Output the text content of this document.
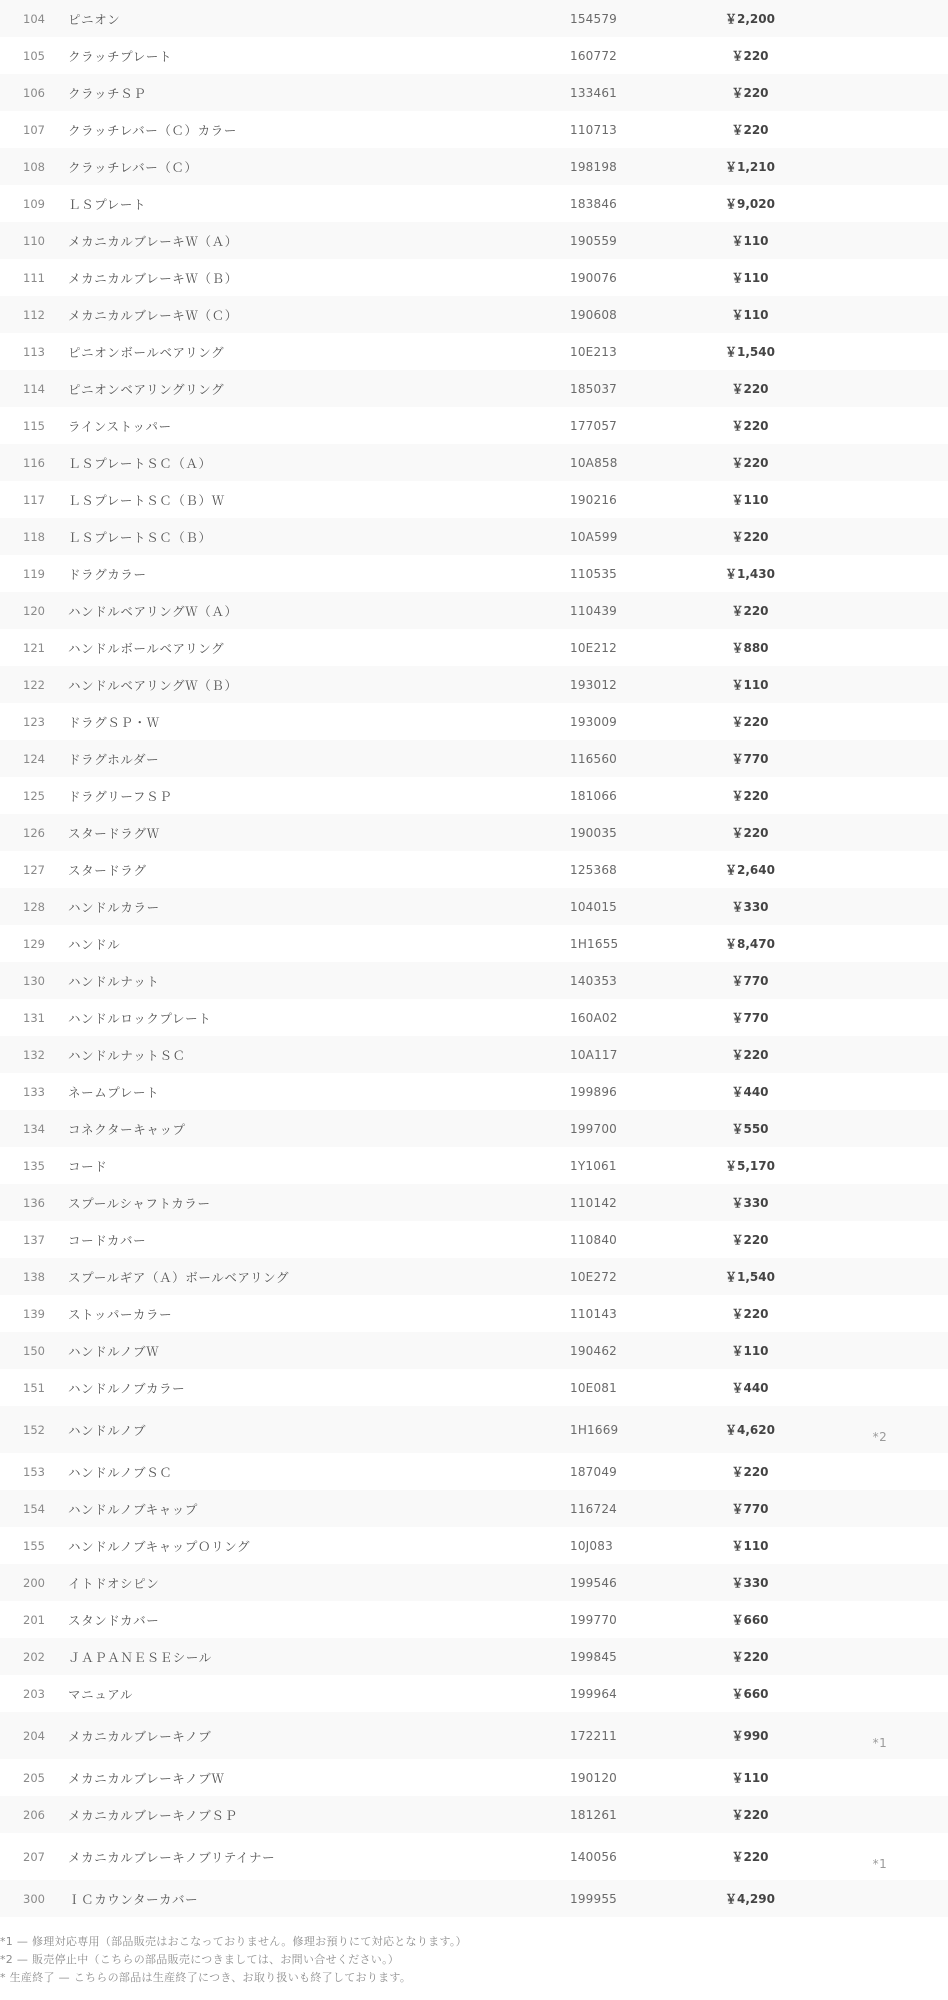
104	ピニオン	154579	￥2,200
105	クラッチプレート	160772	￥220
106	クラッチＳＰ	133461	￥220
107	クラッチレバー（Ｃ）カラー	110713	￥220
108	クラッチレバー（Ｃ）	198198	￥1,210
109	ＬＳプレート	183846	￥9,020
110	メカニカルブレーキＷ（Ａ）	190559	￥110
111	メカニカルブレーキＷ（Ｂ）	190076	￥110
112	メカニカルブレーキＷ（Ｃ）	190608	￥110
113	ピニオンボールベアリング	10E213	￥1,540
114	ピニオンベアリングリング	185037	￥220
115	ラインストッパー	177057	￥220
116	ＬＳプレートＳＣ（Ａ）	10A858	￥220
117	ＬＳプレートＳＣ（Ｂ）Ｗ	190216	￥110
118	ＬＳプレートＳＣ（Ｂ）	10A599	￥220
119	ドラグカラー	110535	￥1,430
120	ハンドルベアリングＷ（Ａ）	110439	￥220
121	ハンドルボールベアリング	10E212	￥880
122	ハンドルベアリングＷ（Ｂ）	193012	￥110
123	ドラグＳＰ・Ｗ	193009	￥220
124	ドラグホルダー	116560	￥770
125	ドラグリーフＳＰ	181066	￥220
126	スタードラグＷ	190035	￥220
127	スタードラグ	125368	￥2,640
128	ハンドルカラー	104015	￥330
129	ハンドル	1H1655	￥8,470
130	ハンドルナット	140353	￥770
131	ハンドルロックプレート	160A02	￥770
132	ハンドルナットＳＣ	10A117	￥220
133	ネームプレート	199896	￥440
134	コネクターキャップ	199700	￥550
135	コード	1Y1061	￥5,170
136	スプールシャフトカラー	110142	￥330
137	コードカバー	110840	￥220
138	スプールギア（Ａ）ボールベアリング	10E272	￥1,540
139	ストッパーカラー	110143	￥220
150	ハンドルノブＷ	190462	￥110
151	ハンドルノブカラー	10E081	￥440
152	ハンドルノブ	1H1669	￥4,620	*2
153	ハンドルノブＳＣ	187049	￥220
154	ハンドルノブキャップ	116724	￥770
155	ハンドルノブキャップＯリング	10J083	￥110
200	イトドオシピン	199546	￥330
201	スタンドカバー	199770	￥660
202	ＪＡＰＡＮＥＳＥシール	199845	￥220
203	マニュアル	199964	￥660
204	メカニカルブレーキノブ	172211	￥990	*1
205	メカニカルブレーキノブＷ	190120	￥110
206	メカニカルブレーキノブＳＰ	181261	￥220
207	メカニカルブレーキノブリテイナー	140056	￥220	*1
300	ＩＣカウンターカバー	199955	￥4,290
*1 — 修理対応専用（部品販売はおこなっておりません。修理お預りにて対応となります。）
*2 — 販売停止中（こちらの部品販売につきましては、お問い合せください。）
* 生産終了 — こちらの部品は生産終了につき、お取り扱いも終了しております。
